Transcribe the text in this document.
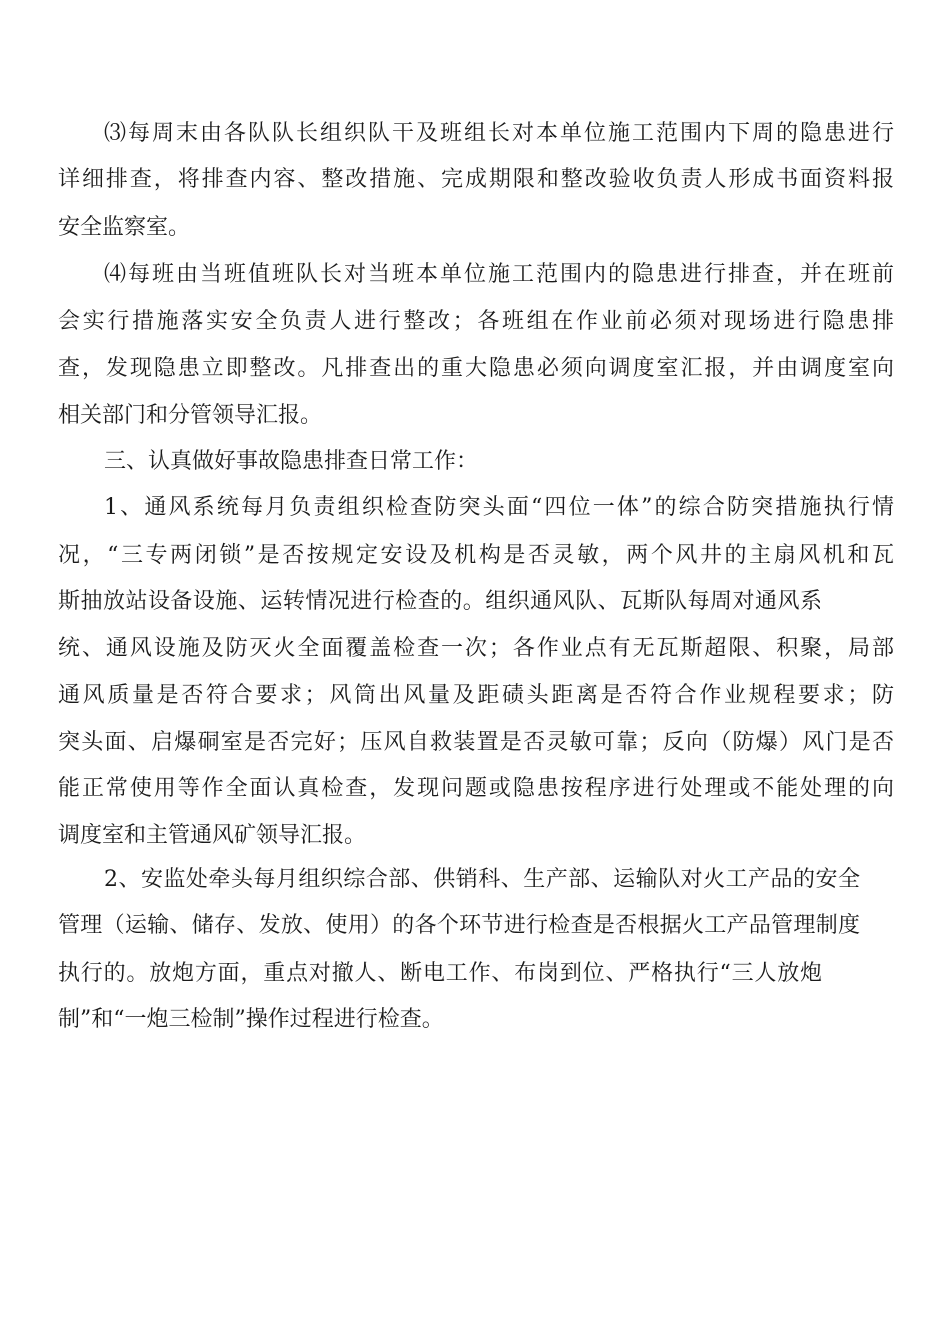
⑶每周末由各队队长组织队干及班组长对本单位施工范围内下周的隐患进行
详细排查，将排查内容、整改措施、完成期限和整改验收负责人形成书面资料报
安全监察室。
⑷每班由当班值班队长对当班本单位施工范围内的隐患进行排查，并在班前
会实行措施落实安全负责人进行整改；各班组在作业前必须对现场进行隐患排
查，发现隐患立即整改。凡排查出的重大隐患必须向调度室汇报，并由调度室向
相关部门和分管领导汇报。
三、认真做好事故隐患排查日常工作：
1、通风系统每月负责组织检查防突头面“四位一体”的综合防突措施执行情
况，“三专两闭锁”是否按规定安设及机构是否灵敏，两个风井的主扇风机和瓦
斯抽放站设备设施、运转情况进行检查的。组织通风队、瓦斯队每周对通风系
统、通风设施及防灭火全面覆盖检查一次；各作业点有无瓦斯超限、积聚，局部
通风质量是否符合要求；风筒出风量及距碛头距离是否符合作业规程要求；防
突头面、启爆硐室是否完好；压风自救装置是否灵敏可靠；反向（防爆）风门是否
能正常使用等作全面认真检查，发现问题或隐患按程序进行处理或不能处理的向
调度室和主管通风矿领导汇报。
2、安监处牵头每月组织综合部、供销科、生产部、运输队对火工产品的安全
管理（运输、储存、发放、使用）的各个环节进行检查是否根据火工产品管理制度
执行的。放炮方面，重点对撤人、断电工作、布岗到位、严格执行“三人放炮
制”和“一炮三检制”操作过程进行检查。
